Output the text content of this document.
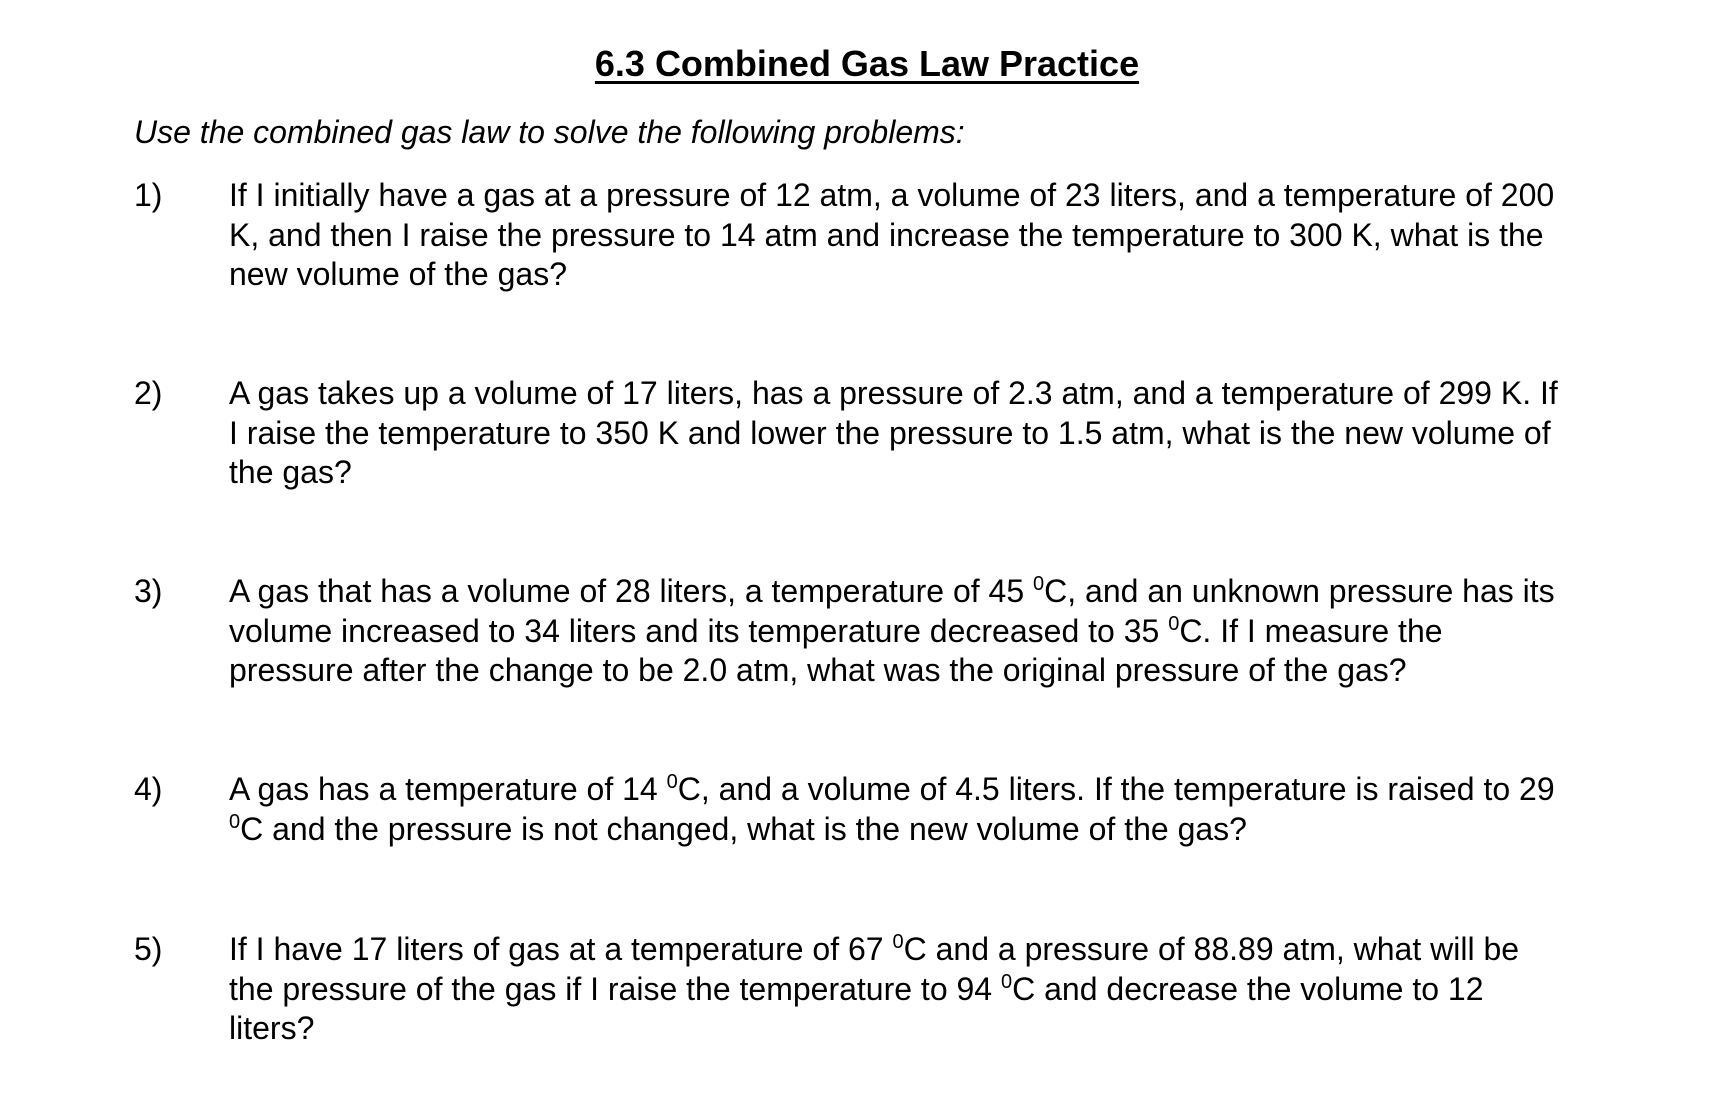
6.3 Combined Gas Law Practice
Use the combined gas law to solve the following problems:
1) If I initially have a gas at a pressure of 12 atm, a volume of 23 liters, and a temperature of 200
K, and then I raise the pressure to 14 atm and increase the temperature to 300 K, what is the
new volume of the gas?
2) A gas takes up a volume of 17 liters, has a pressure of 2.3 atm, and a temperature of 299 K. If
I raise the temperature to 350 K and lower the pressure to 1.5 atm, what is the new volume of
the gas?
3) A gas that has a volume of 28 liters, a temperature of 45 $^0$C, and an unknown pressure has its
volume increased to 34 liters and its temperature decreased to 35 $^0$C. If I measure the
pressure after the change to be 2.0 atm, what was the original pressure of the gas?
4) A gas has a temperature of 14 $^0$C, and a volume of 4.5 liters. If the temperature is raised to 29
$^0$C and the pressure is not changed, what is the new volume of the gas?
5) If I have 17 liters of gas at a temperature of 67 $^0$C and a pressure of 88.89 atm, what will be
the pressure of the gas if I raise the temperature to 94 $^0$C and decrease the volume to 12
liters?
